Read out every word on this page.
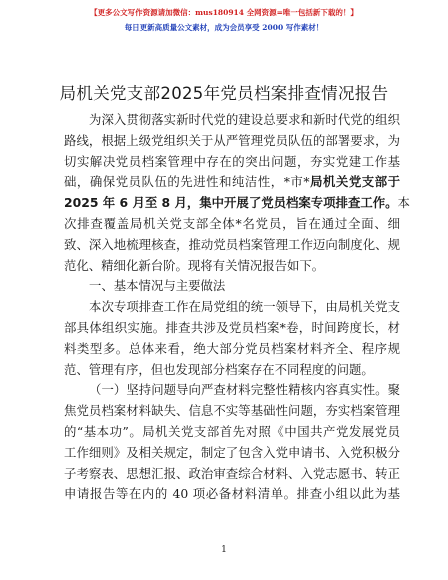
【更多公文写作资源请加微信：mus180914 全网资源=唯一包括新下载的！】
每日更新高质量公文素材，成为会员享受 2000 写作素材！
局机关党支部2025年党员档案排查情况报告
为深入贯彻落实新时代党的建设总要求和新时代党的组织
路线，根据上级党组织关于从严管理党员队伍的部署要求，为
切实解决党员档案管理中存在的突出问题，夯实党建工作基
础，确保党员队伍的先进性和纯洁性，*市*局机关党支部于
2025 年 6 月至 8 月，集中开展了党员档案专项排查工作。本
次排查覆盖局机关党支部全体*名党员，旨在通过全面、细
致、深入地梳理核查，推动党员档案管理工作迈向制度化、规
范化、精细化新台阶。现将有关情况报告如下。
一、基本情况与主要做法
本次专项排查工作在局党组的统一领导下，由局机关党支
部具体组织实施。排查共涉及党员档案*卷，时间跨度长，材
料类型多。总体来看，绝大部分党员档案材料齐全、程序规
范、管理有序，但也发现部分档案存在不同程度的问题。
（一）坚持问题导向严查材料完整性精核内容真实性。聚
焦党员档案材料缺失、信息不实等基础性问题，夯实档案管理
的“基本功”。局机关党支部首先对照《中国共产党发展党员
工作细则》及相关规定，制定了包含入党申请书、入党积极分
子考察表、思想汇报、政治审查综合材料、入党志愿书、转正
申请报告等在内的 40 项必备材料清单。排查小组以此为基
1
